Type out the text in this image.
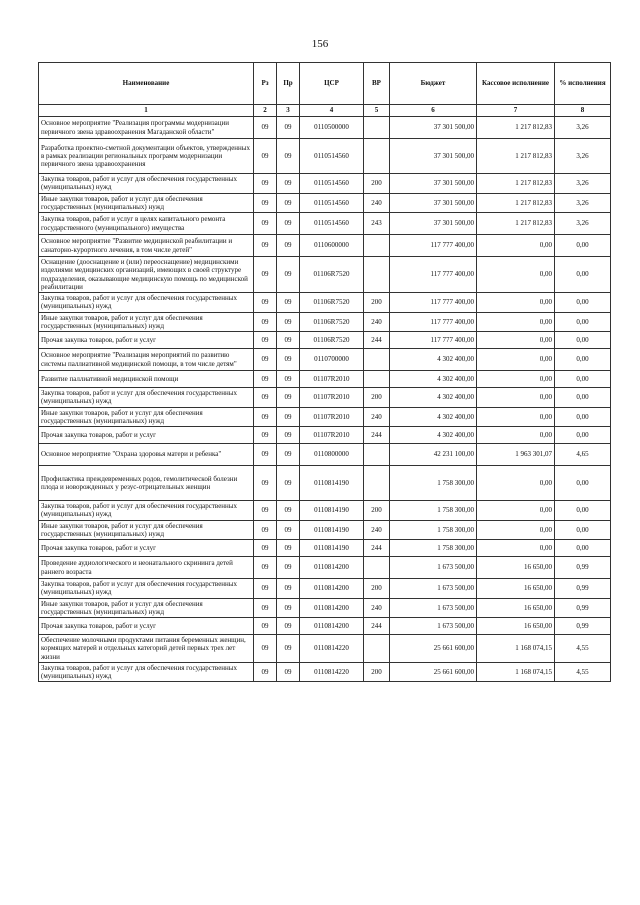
156
Наименование	Рз	Пр	ЦСР	ВР	Бюджет	Кассовое исполнение	% исполнения
1	2	3	4	5	6	7	8
Основное мероприятие "Реализация программы модернизации первичного звена здравоохранения Магаданской области"	09	09	0110500000		37 301 500,00	1 217 812,83	3,26
Разработка проектно-сметной документации объектов, утвержденных в рамках реализации региональных программ модернизации первичного звена здравоохранения	09	09	0110514560		37 301 500,00	1 217 812,83	3,26
Закупка товаров, работ и услуг для обеспечения государственных (муниципальных) нужд	09	09	0110514560	200	37 301 500,00	1 217 812,83	3,26
Иные закупки товаров, работ и услуг для обеспечения государственных (муниципальных) нужд	09	09	0110514560	240	37 301 500,00	1 217 812,83	3,26
Закупка товаров, работ и услуг в целях капитального ремонта государственного (муниципального) имущества	09	09	0110514560	243	37 301 500,00	1 217 812,83	3,26
Основное мероприятие "Развитие медицинской реабилитации и санаторно-курортного лечения, в том числе детей"	09	09	0110600000		117 777 400,00	0,00	0,00
Оснащение (дооснащение и (или) переоснащение) медицинскими изделиями медицинских организаций, имеющих в своей структуре подразделения, оказывающие медицинскую помощь по медицинской реабилитации	09	09	01106R7520		117 777 400,00	0,00	0,00
Закупка товаров, работ и услуг для обеспечения государственных (муниципальных) нужд	09	09	01106R7520	200	117 777 400,00	0,00	0,00
Иные закупки товаров, работ и услуг для обеспечения государственных (муниципальных) нужд	09	09	01106R7520	240	117 777 400,00	0,00	0,00
Прочая закупка товаров, работ и услуг	09	09	01106R7520	244	117 777 400,00	0,00	0,00
Основное мероприятие "Реализация мероприятий по развитию системы паллиативной медицинской помощи, в том числе детям"	09	09	0110700000		4 302 400,00	0,00	0,00
Развитие паллиативной медицинской помощи	09	09	01107R2010		4 302 400,00	0,00	0,00
Закупка товаров, работ и услуг для обеспечения государственных (муниципальных) нужд	09	09	01107R2010	200	4 302 400,00	0,00	0,00
Иные закупки товаров, работ и услуг для обеспечения государственных (муниципальных) нужд	09	09	01107R2010	240	4 302 400,00	0,00	0,00
Прочая закупка товаров, работ и услуг	09	09	01107R2010	244	4 302 400,00	0,00	0,00
Основное мероприятие "Охрана здоровья матери и ребенка"	09	09	0110800000		42 231 100,00	1 963 301,07	4,65
Профилактика преждевременных родов, гемолитической болезни плода и новорожденных у резус-отрицательных женщин	09	09	0110814190		1 758 300,00	0,00	0,00
Закупка товаров, работ и услуг для обеспечения государственных (муниципальных) нужд	09	09	0110814190	200	1 758 300,00	0,00	0,00
Иные закупки товаров, работ и услуг для обеспечения государственных (муниципальных) нужд	09	09	0110814190	240	1 758 300,00	0,00	0,00
Прочая закупка товаров, работ и услуг	09	09	0110814190	244	1 758 300,00	0,00	0,00
Проведение аудиологического и неонатального скрининга детей раннего возраста	09	09	0110814200		1 673 500,00	16 650,00	0,99
Закупка товаров, работ и услуг для обеспечения государственных (муниципальных) нужд	09	09	0110814200	200	1 673 500,00	16 650,00	0,99
Иные закупки товаров, работ и услуг для обеспечения государственных (муниципальных) нужд	09	09	0110814200	240	1 673 500,00	16 650,00	0,99
Прочая закупка товаров, работ и услуг	09	09	0110814200	244	1 673 500,00	16 650,00	0,99
Обеспечение молочными продуктами питания беременных женщин, кормящих матерей и отдельных категорий детей первых трех лет жизни	09	09	0110814220		25 661 600,00	1 168 074,15	4,55
Закупка товаров, работ и услуг для обеспечения государственных (муниципальных) нужд	09	09	0110814220	200	25 661 600,00	1 168 074,15	4,55
